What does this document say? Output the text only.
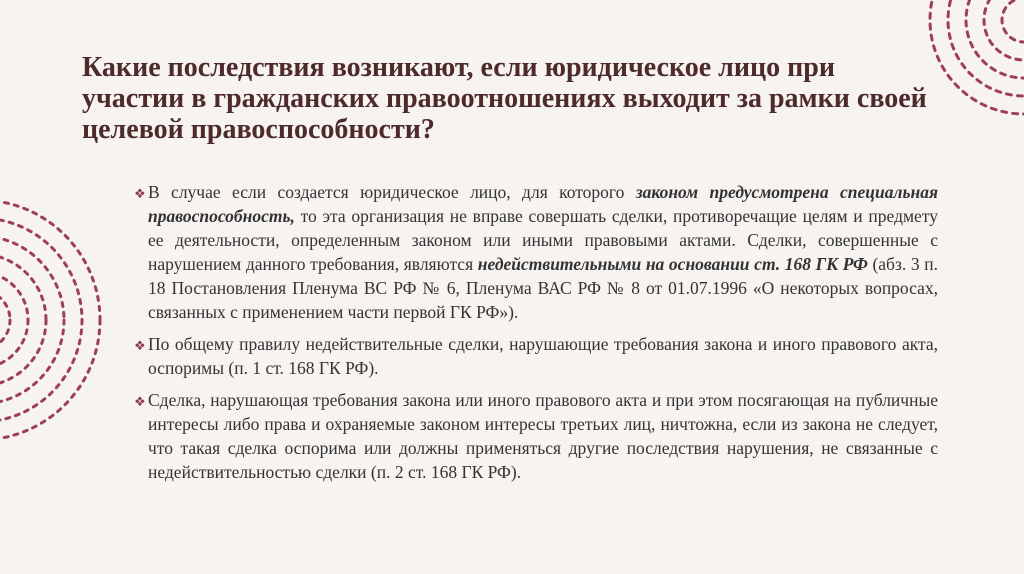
Какие последствия возникают, если юридическое лицо при участии в гражданских правоотношениях выходит за рамки своей целевой правоспособности?

❖ В случае если создается юридическое лицо, для которого законом предусмотрена специальная правоспособность, то эта организация не вправе совершать сделки, противоречащие целям и предмету ее деятельности, определенным законом или иными правовыми актами. Сделки, совершенные с нарушением данного требования, являются недействительными на основании ст. 168 ГК РФ (абз. 3 п. 18 Постановления Пленума ВС РФ № 6, Пленума ВАС РФ № 8 от 01.07.1996 «О некоторых вопросах, связанных с применением части первой ГК РФ»).

❖ По общему правилу недействительные сделки, нарушающие требования закона и иного правового акта, оспоримы (п. 1 ст. 168 ГК РФ).

❖ Сделка, нарушающая требования закона или иного правового акта и при этом посягающая на публичные интересы либо права и охраняемые законом интересы третьих лиц, ничтожна, если из закона не следует, что такая сделка оспорима или должны применяться другие последствия нарушения, не связанные с недействительностью сделки (п. 2 ст. 168 ГК РФ).
